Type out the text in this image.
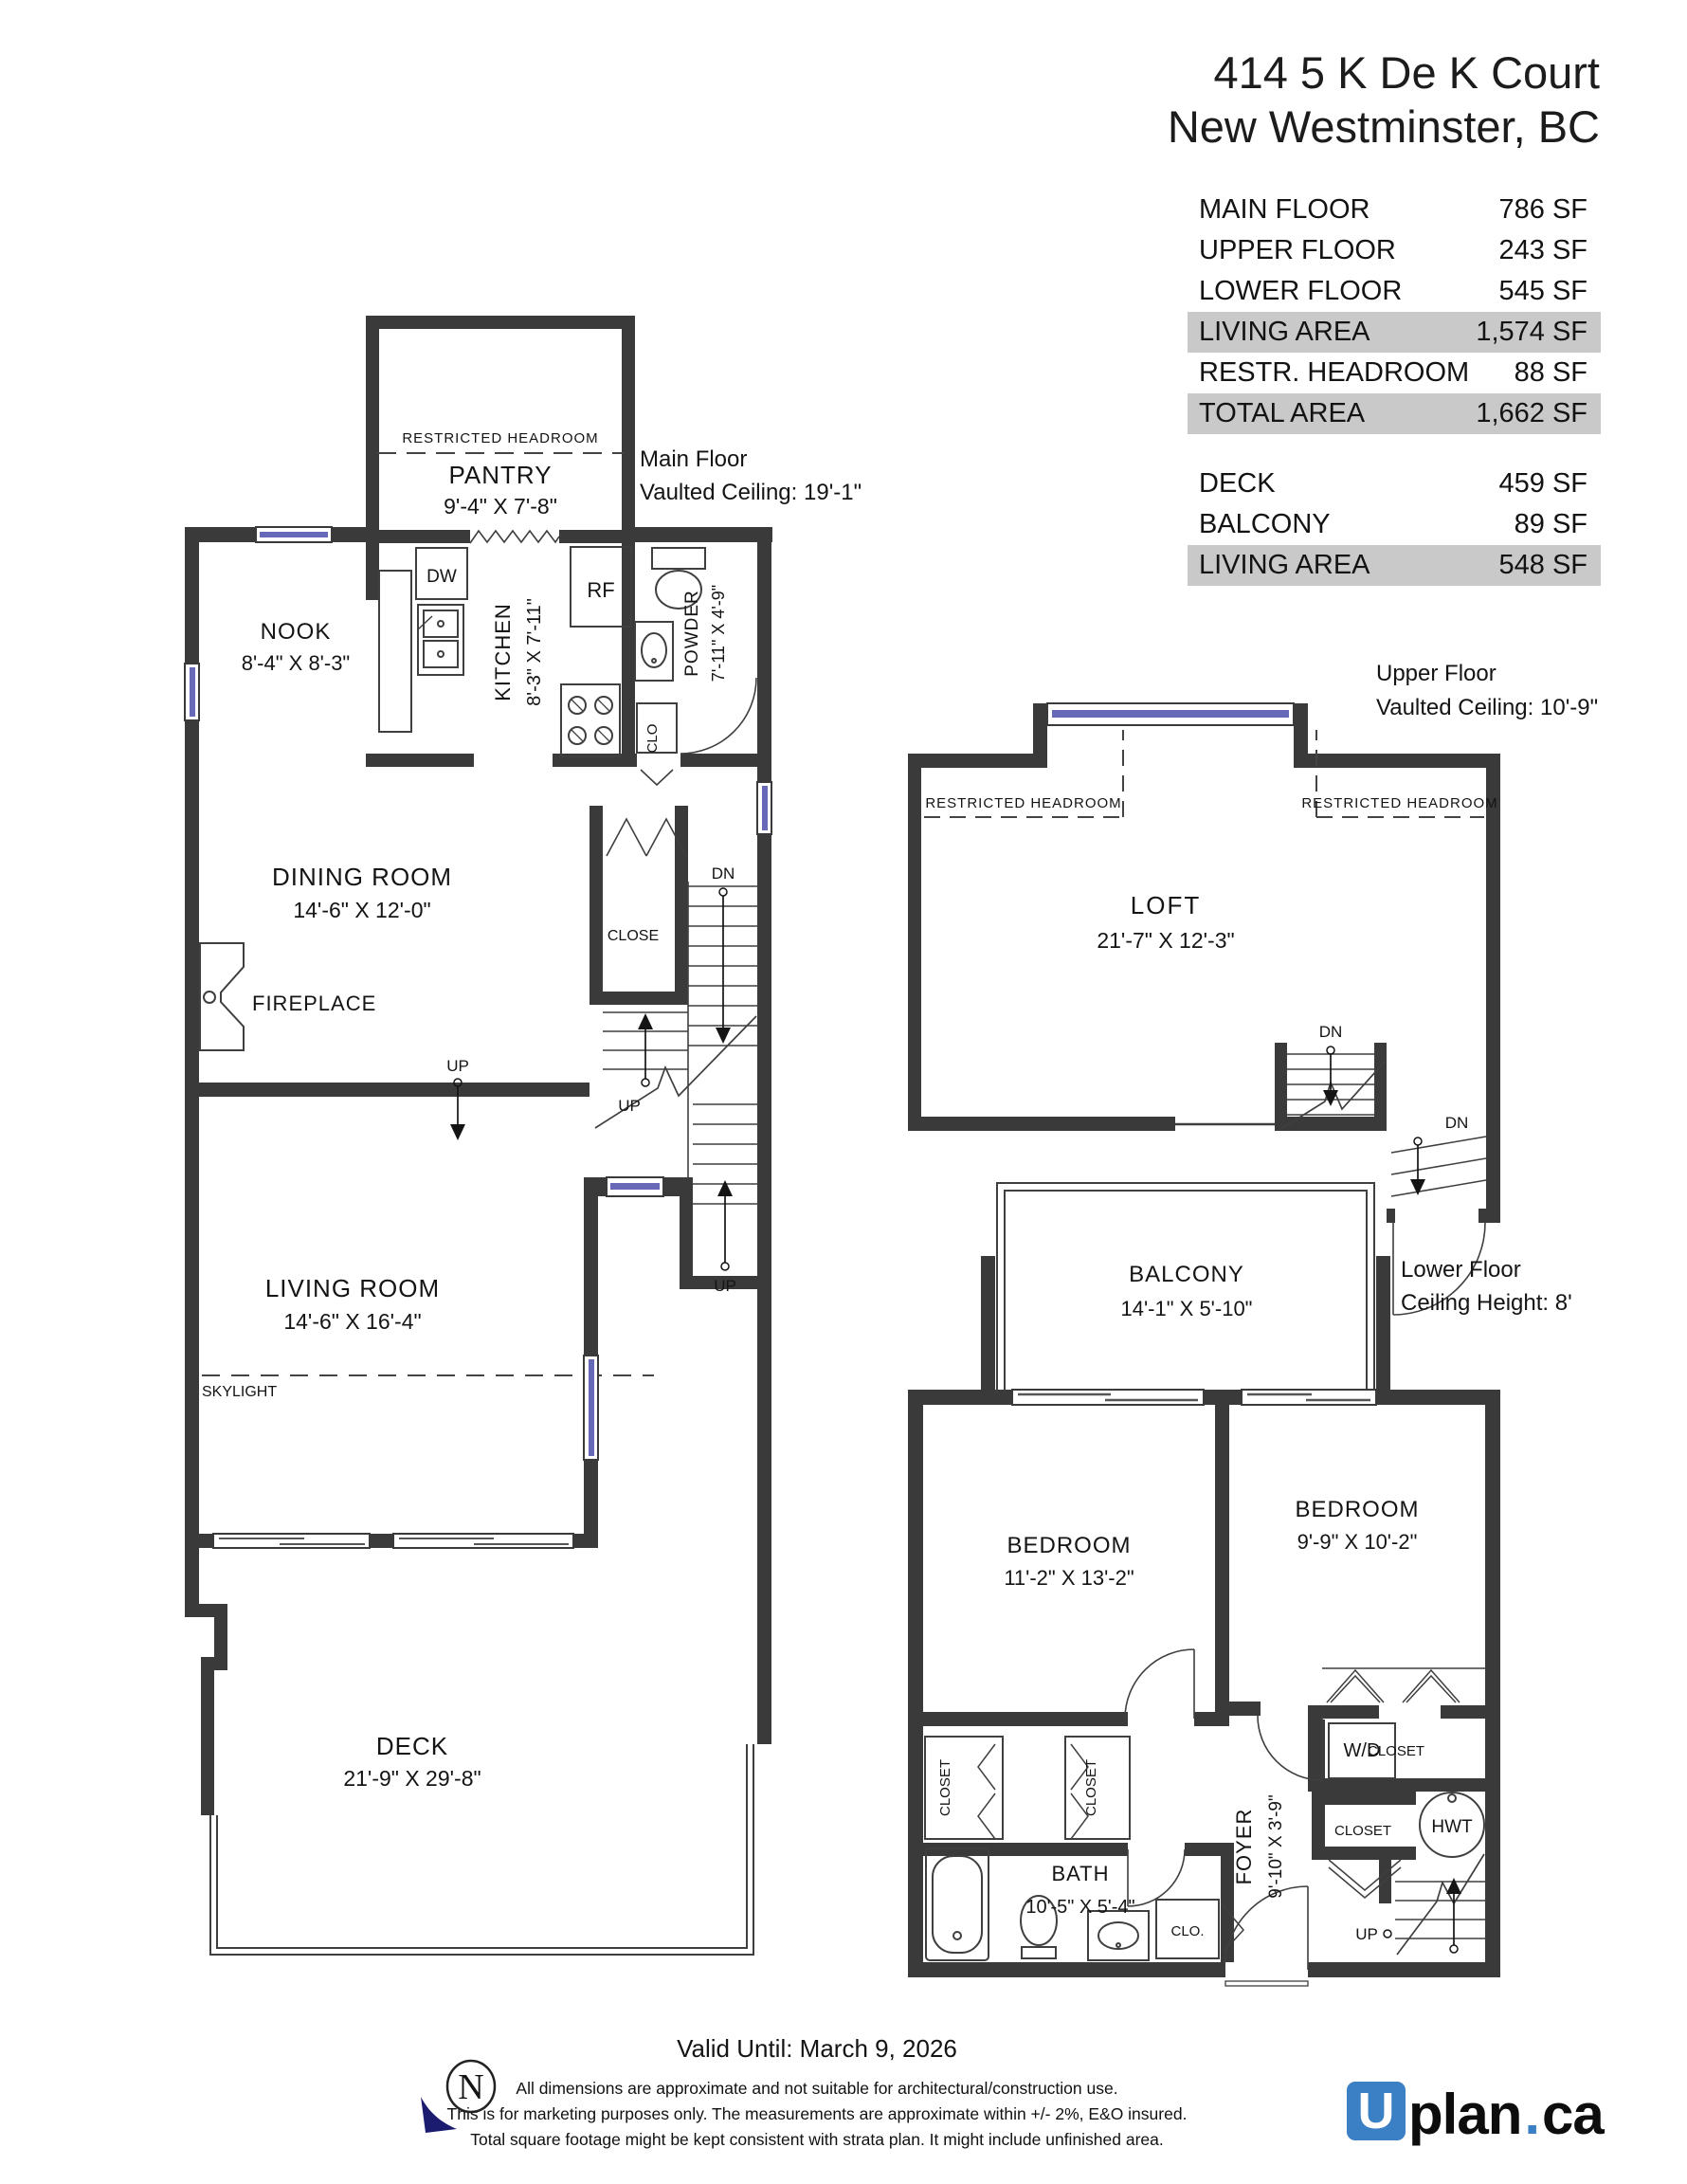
414 5 K De K Court
New Westminster, BC
MAIN FLOOR	786 SF
UPPER FLOOR	243 SF
LOWER FLOOR	545 SF
LIVING AREA	1,574 SF
RESTR. HEADROOM 88 SF
TOTAL AREA	1,662 SF
DECK	459 SF
BALCONY	89 SF
LIVING AREA	548 SF
RESTRICTED HEADROOM
PANTRY
9'-4" X 7'-8"
Main Floor
Vaulted Ceiling: 19'-1"
NOOK
8'-4" X 8'-3"
DW
RF
KITCHEN 8'-3" X 7'-11"	POWDER 7'-11" X 4'-9"
CLO
DINING ROOM
14'-6" X 12'-0"
FIREPLACE
CLOSE
DN
UP
UP
UP
LIVING ROOM
14'-6" X 16'-4"
SKYLIGHT
DECK
21'-9" X 29'-8"
Upper Floor
Vaulted Ceiling: 10'-9"
RESTRICTED HEADROOM	RESTRICTED HEADROOM
LOFT
21'-7" X 12'-3"
DN
DN
BALCONY
14'-1" X 5'-10"
Lower Floor
Ceiling Height: 8'
BEDROOM
11'-2" X 13'-2"
BEDROOM
9'-9" X 10'-2"
CLOSET
CLOSET	CLOSET
CLOSET
W/D
HWT
FOYER 9'-10" X 3'-9"
BATH
10'-5" X 5'-4"
CLO.	UP
Valid Until: March 9, 2026
All dimensions are approximate and not suitable for architectural/construction use.
This is for marketing purposes only. The measurements are approximate within +/- 2%, E&O insured.
Total square footage might be kept consistent with strata plan. It might include unfinished area.
N	U plan . ca
